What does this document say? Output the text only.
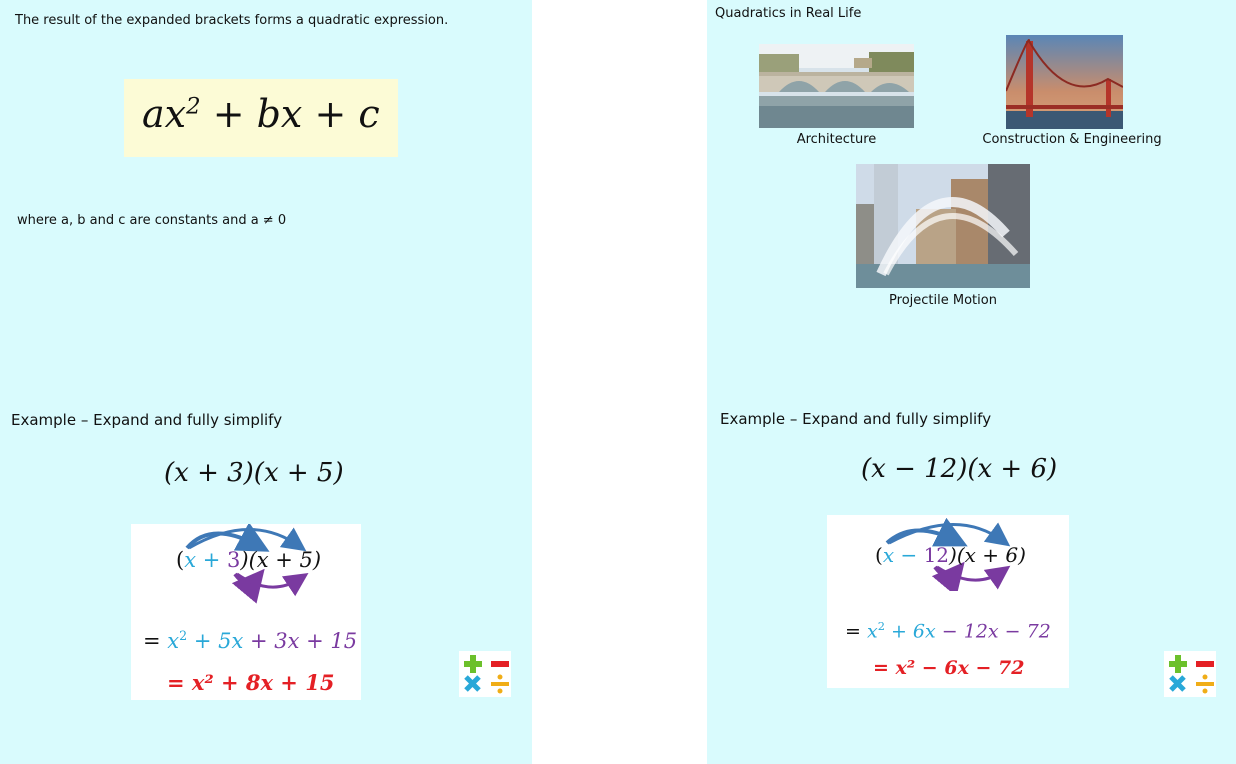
The result of the expanded brackets forms a quadratic expression.
$ax^2$ + bx + c
where a, b and c are constants and a ≠ 0
Quadratics in Real Life
Architecture	Construction & Engineering
Projectile Motion
Example – Expand and fully simplify
(x + 3)(x + 5)
(x + 3)(x + 5)
= $x^2 + 5x + 3x + 15$
= x² + 8x + 15
Example – Expand and fully simplify
(x − 12)(x + 6)
(x − 12)(x + 6)
= $x^2 + 6x - 12x - 72$
= x² − 6x − 72
